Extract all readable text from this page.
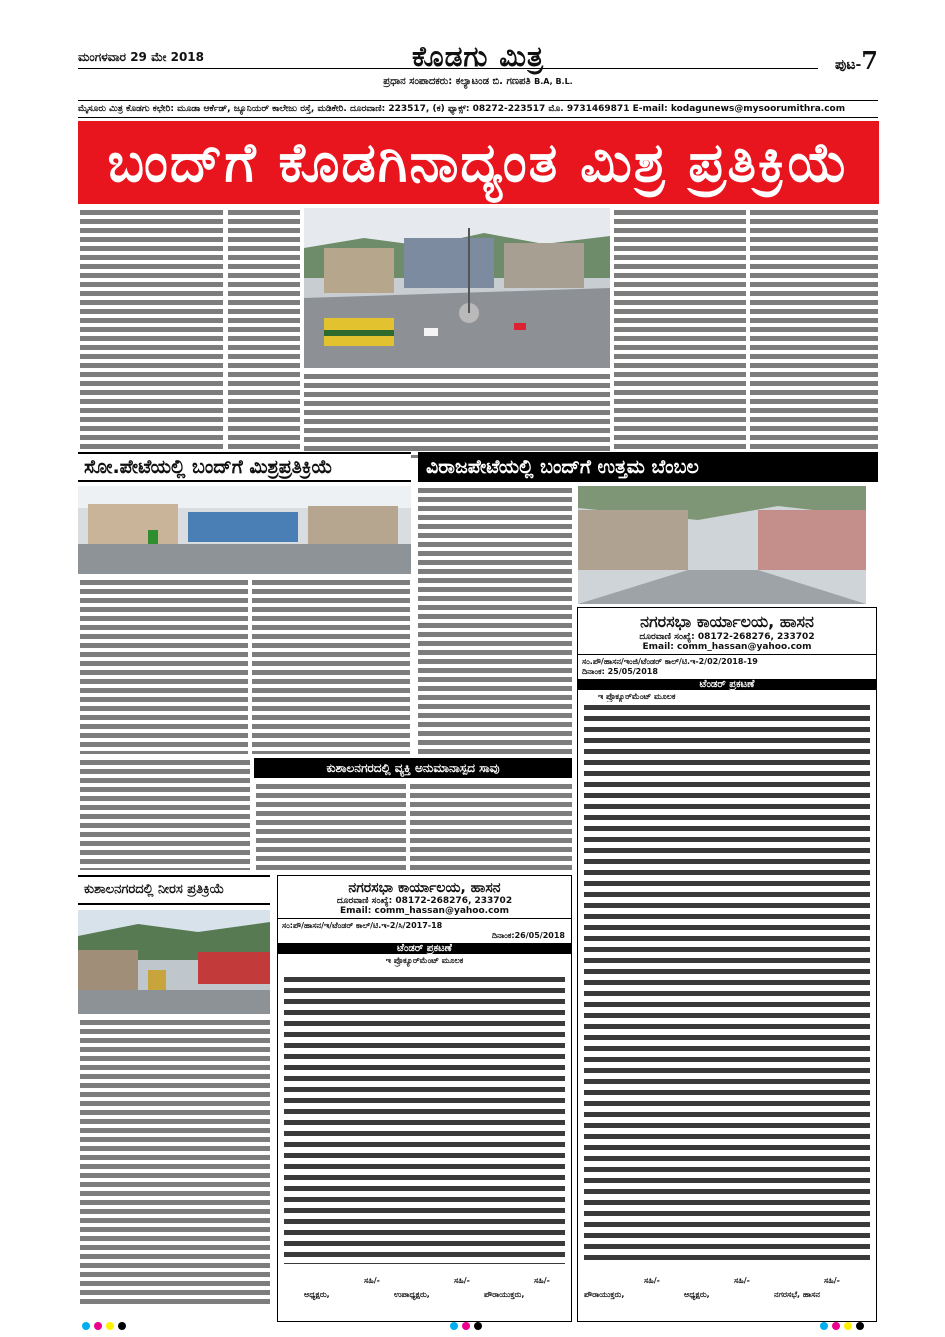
ಮಂಗಳವಾರ 29 ಮೇ 2018	ಕೊಡಗು ಮಿತ್ರ
ಪ್ರಧಾನ ಸಂಪಾದಕರು: ಕಲ್ಯಾಟಂಡ ಬಿ. ಗಣಪತಿ B.A, B.L.
ಪುಟ-7
ಮೈಸೂರು ಮಿತ್ರ ಕೊಡಗು ಕಛೇರಿ: ಮೂಡಾ ಆರ್ಕೆಡ್, ಜ್ಯೂನಿಯರ್ ಕಾಲೇಜು ರಸ್ತೆ, ಮಡಿಕೇರಿ. ದೂರವಾಣಿ: 223517, (ಕ) ಫ್ಯಾಕ್ಸ್: 08272-223517 ಮೊ. 9731469871 E-mail: kodagunews@mysoorumithra.com
ಬಂದ್‌ಗೆ ಕೊಡಗಿನಾದ್ಯಂತ ಮಿಶ್ರ ಪ್ರತಿಕ್ರಿಯೆ
ಸೋ.ಪೇಟೆಯಲ್ಲಿ ಬಂದ್‌ಗೆ ಮಿಶ್ರಪ್ರತಿಕ್ರಿಯೆ	ವಿರಾಜಪೇಟೆಯಲ್ಲಿ ಬಂದ್‌ಗೆ ಉತ್ತಮ ಬೆಂಬಲ
ನಗರಸಭಾ ಕಾರ್ಯಾಲಯ, ಹಾಸನ
ದೂರವಾಣಿ ಸಂಖ್ಯೆ: 08172-268276, 233702
Email: comm_hassan@yahoo.com
ಸಂ.ಪೌ/ಹಾಸನ/ಇಂಜಿ/ಟೆಂಡರ್ ಕಾಲ್/ಟಿ.ಇ-2/02/2018-19
ದಿನಾಂಕ: 25/05/2018
ಟೆಂಡರ್ ಪ್ರಕಟಣೆ
ಇ ಪ್ರೊಕ್ಯೂರ್‌ಮೆಂಟ್ ಮೂಲಕ
ಸಹಿ/-	ಸಹಿ/-	ಸಹಿ/-
ಪೌರಾಯುಕ್ತರು,	ಅಧ್ಯಕ್ಷರು,	ನಗರಸಭೆ, ಹಾಸನ
ಕುಶಾಲನಗರದಲ್ಲಿ ವ್ಯಕ್ತಿ ಅನುಮಾನಾಸ್ಪದ ಸಾವು
ಕುಶಾಲನಗರದಲ್ಲಿ ನೀರಸ ಪ್ರತಿಕ್ರಿಯೆ	ನಗರಸಭಾ ಕಾರ್ಯಾಲಯ, ಹಾಸನ
ದೂರವಾಣಿ ಸಂಖ್ಯೆ: 08172-268276, 233702
Email: comm_hassan@yahoo.com
ಸಂ:ಪೌ/ಹಾಸನ/ಇ/ಟೆಂಡರ್ ಕಾಲ್/ಟಿ.ಇ-2/ಸಿ/2017-18
ದಿನಾಂಕ:26/05/2018
ಟೆಂಡರ್ ಪ್ರಕಟಣೆ
ಇ ಪ್ರೊಕ್ಯೂರ್‌ಮೆಂಟ್ ಮೂಲಕ
ಸಹಿ/-	ಸಹಿ/-	ಸಹಿ/-
ಅಧ್ಯಕ್ಷರು,	ಉಪಾಧ್ಯಕ್ಷರು,	ಪೌರಾಯುಕ್ತರು,
